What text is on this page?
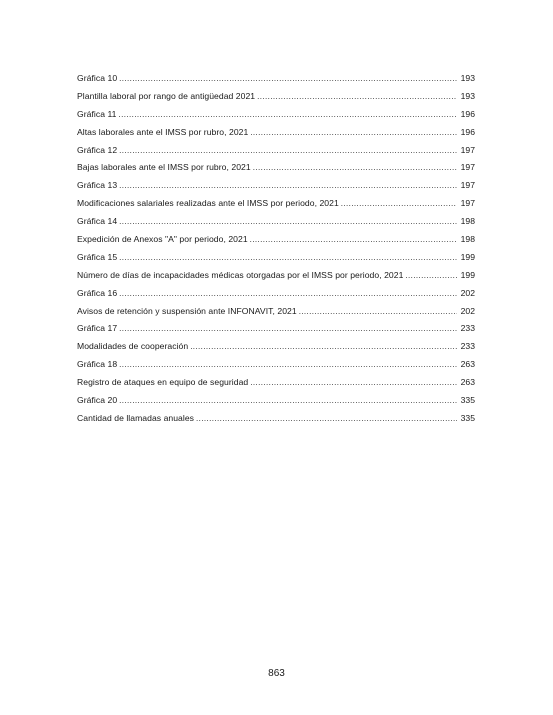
Gráfica 10 .....	193
Plantilla laboral por rango de antigüedad 2021 .....	193
Gráfica 11 .....	196
Altas laborales ante el IMSS por rubro, 2021 .....	196
Gráfica 12 .....	197
Bajas laborales ante el IMSS por rubro, 2021 .....	197
Gráfica 13 .....	197
Modificaciones salariales realizadas ante el IMSS por periodo, 2021 .....	197
Gráfica 14 .....	198
Expedición de Anexos "A" por periodo, 2021 .....	198
Gráfica 15 .....	199
Número de días de incapacidades médicas otorgadas por el IMSS por periodo, 2021 .....	199
Gráfica 16 .....	202
Avisos de retención y suspensión ante INFONAVIT, 2021 .....	202
Gráfica 17 .....	233
Modalidades de cooperación .....	233
Gráfica 18 .....	263
Registro de ataques en equipo de seguridad .....	263
Gráfica 20 .....	335
Cantidad de llamadas anuales .....	335
863
